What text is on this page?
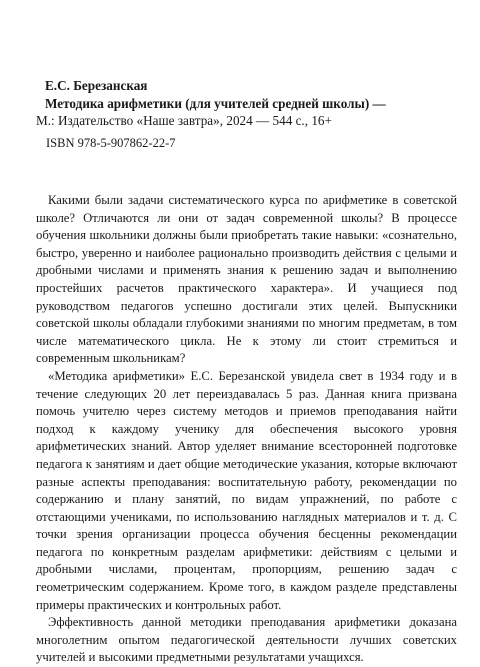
Е.С. Березанская
Методика арифметики (для учителей средней школы) —
М.: Издательство «Наше завтра», 2024 — 544 с., 16+
ISBN 978-5-907862-22-7

Какими были задачи систематического курса по арифметике в советской школе? Отличаются ли они от задач современной школы? В процессе обучения школьники должны были приобретать такие навыки: «сознательно, быстро, уверенно и наиболее рационально производить действия с целыми и дробными числами и применять знания к решению задач и выполнению простейших расчетов практического характера». И учащиеся под руководством педагогов успешно достигали этих целей. Выпускники советской школы обладали глубокими знаниями по многим предметам, в том числе математического цикла. Не к этому ли стоит стремиться и современным школьникам?

«Методика арифметики» Е.С. Березанской увидела свет в 1934 году и в течение следующих 20 лет переиздавалась 5 раз. Данная книга призвана помочь учителю через систему методов и приемов преподавания найти подход к каждому ученику для обеспечения высокого уровня арифметических знаний. Автор уделяет внимание всесторонней подготовке педагога к занятиям и дает общие методические указания, которые включают разные аспекты преподавания: воспитательную работу, рекомендации по содержанию и плану занятий, по видам упражнений, по работе с отстающими учениками, по использованию наглядных материалов и т. д. С точки зрения организации процесса обучения бесценны рекомендации педагога по конкретным разделам арифметики: действиям с целыми и дробными числами, процентам, пропорциям, решению задач с геометрическим содержанием. Кроме того, в каждом разделе представлены примеры практических и контрольных работ.

Эффективность данной методики преподавания арифметики доказана многолетним опытом педагогической деятельности лучших советских учителей и высокими предметными результатами учащихся.
